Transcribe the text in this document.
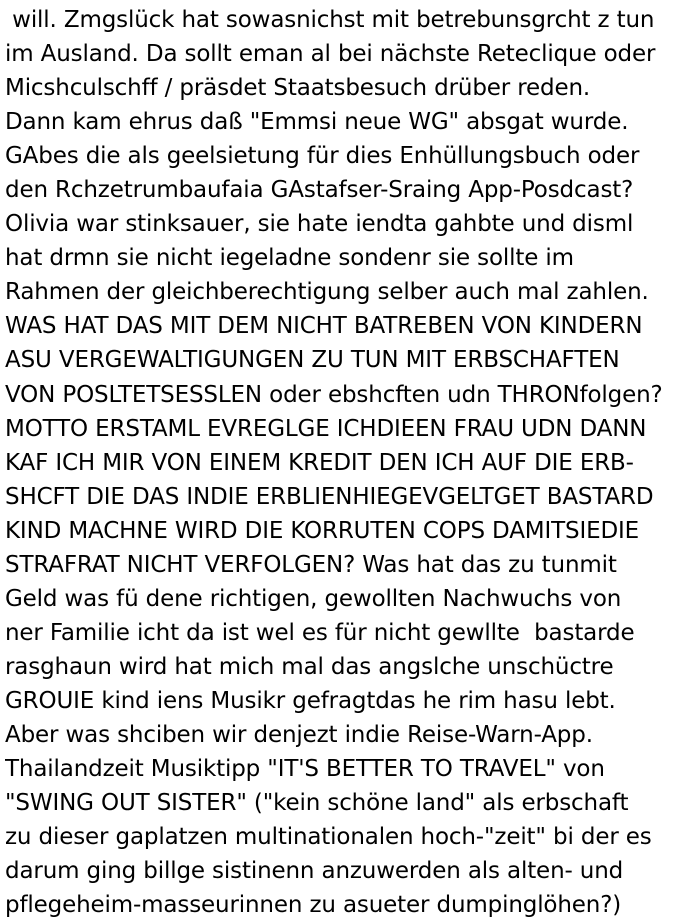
will. Zmgslück hat sowasnichst mit betrebunsgrcht z tun
im Ausland. Da sollt eman al bei nächste Reteclique oder
Micshculschff / präsdet Staatsbesuch drüber reden.
Dann kam ehrus daß "Emmsi neue WG" absgat wurde.
GAbes die als geelsietung für dies Enhüllungsbuch oder
den Rchzetrumbaufaia GAstafser-Sraing App-Posdcast?
Olivia war stinksauer, sie hate iendta gahbte und disml
hat drmn sie nicht iegeladne sondenr sie sollte im
Rahmen der gleichberechtigung selber auch mal zahlen.
WAS HAT DAS MIT DEM NICHT BATREBEN VON KINDERN
ASU VERGEWALTIGUNGEN ZU TUN MIT ERBSCHAFTEN
VON POSLTETSESSLEN oder ebshcften udn THRONfolgen?
MOTTO ERSTAML EVREGLGE ICHDIEEN FRAU UDN DANN
KAF ICH MIR VON EINEM KREDIT DEN ICH AUF DIE ERB-
SHCFT DIE DAS INDIE ERBLIENHIEGEVGELTGET BASTARD
KIND MACHNE WIRD DIE KORRUTEN COPS DAMITSIEDIE
STRAFRAT NICHT VERFOLGEN? Was hat das zu tunmit
Geld was fü dene richtigen, gewollten Nachwuchs von
ner Familie icht da ist wel es für nicht gewllte  bastarde
rasghaun wird hat mich mal das angslche unschüctre
GROUIE kind iens Musikr gefragtdas he rim hasu lebt.
Aber was shciben wir denjezt indie Reise-Warn-App.
Thailandzeit Musiktipp "IT'S BETTER TO TRAVEL" von
"SWING OUT SISTER" ("kein schöne land" als erbschaft
zu dieser gaplatzen multinationalen hoch-"zeit" bi der es
darum ging billge sistinenn anzuwerden als alten- und
pflegeheim-masseurinnen zu asueter dumpinglöhen?)
